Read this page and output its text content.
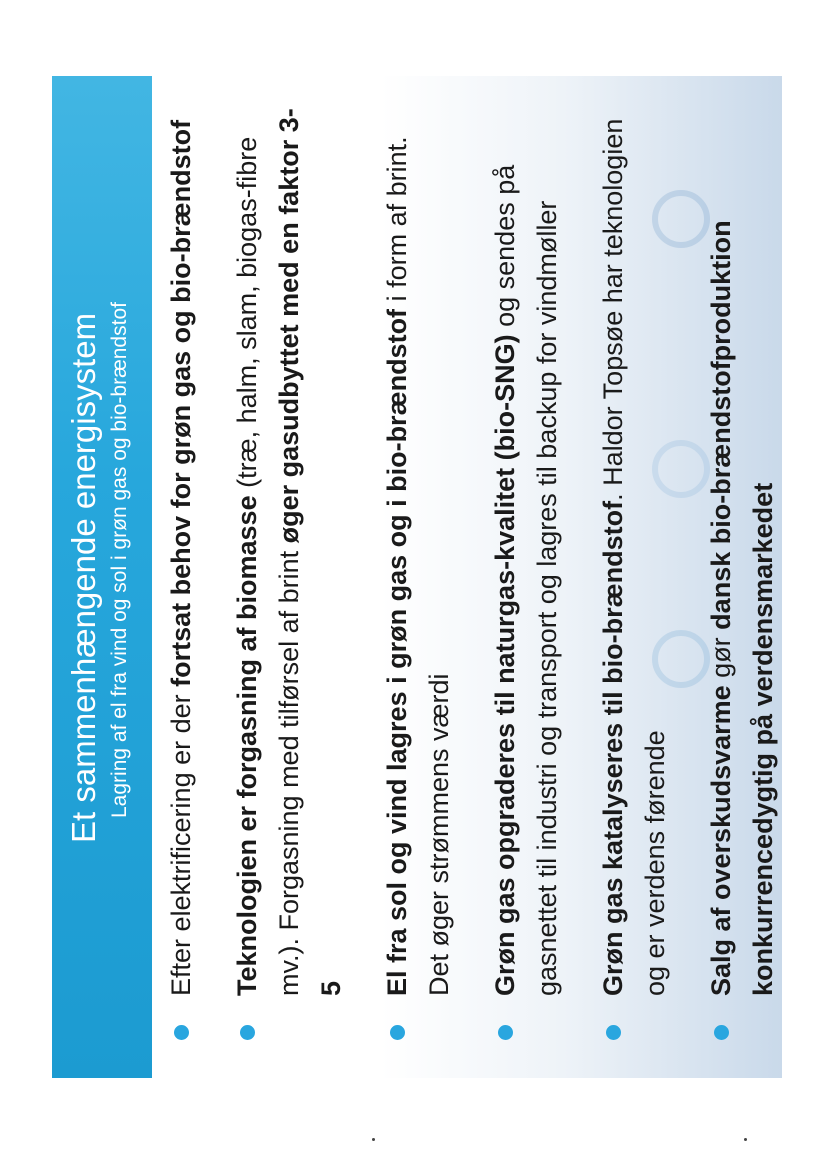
Et sammenhængende energisystem Lagring af el fra vind og sol i grøn gas og bio-brændstof
Efter elektrificering er der fortsat behov for grøn gas og bio-brændstof
Teknologien er forgasning af biomasse (træ, halm, slam, biogas-fibre mv.). Forgasning med tilførsel af brint øger gasudbyttet med en faktor 3-5 El fra sol og vind lagres i grøn gas og i bio-brændstof i form af brint. Det øger strømmens værdi Grøn gas opgraderes til naturgas-kvalitet (bio-SNG) og sendes på gasnettet til industri og transport og lagres til backup for vindmøller Grøn gas katalyseres til bio-brændstof. Haldor Topsøe har teknologien og er verdens førende Salg af overskudsvarme gør dansk bio-brændstofproduktion konkurrencedygtig på verdensmarkedet
